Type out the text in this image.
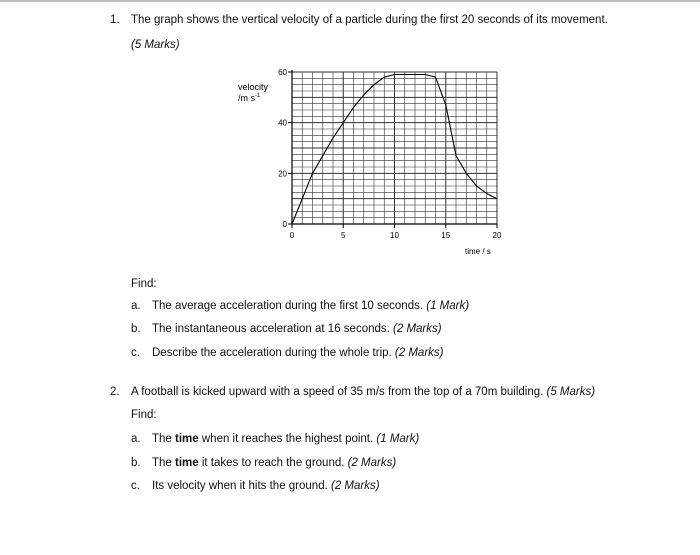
1. The graph shows the vertical velocity of a particle during the first 20 seconds of its movement.
(5 Marks)
0
20
40
60
0	5	10	15	20
velocity
/m $s^{-1}$
time / s
Find:
a. The average acceleration during the first 10 seconds. (1 Mark)
b. The instantaneous acceleration at 16 seconds. (2 Marks)
c. Describe the acceleration during the whole trip. (2 Marks)
2. A football is kicked upward with a speed of 35 m/s from the top of a 70m building. (5 Marks)
Find:
a. The time when it reaches the highest point. (1 Mark)
b. The time it takes to reach the ground. (2 Marks)
c. Its velocity when it hits the ground. (2 Marks)
